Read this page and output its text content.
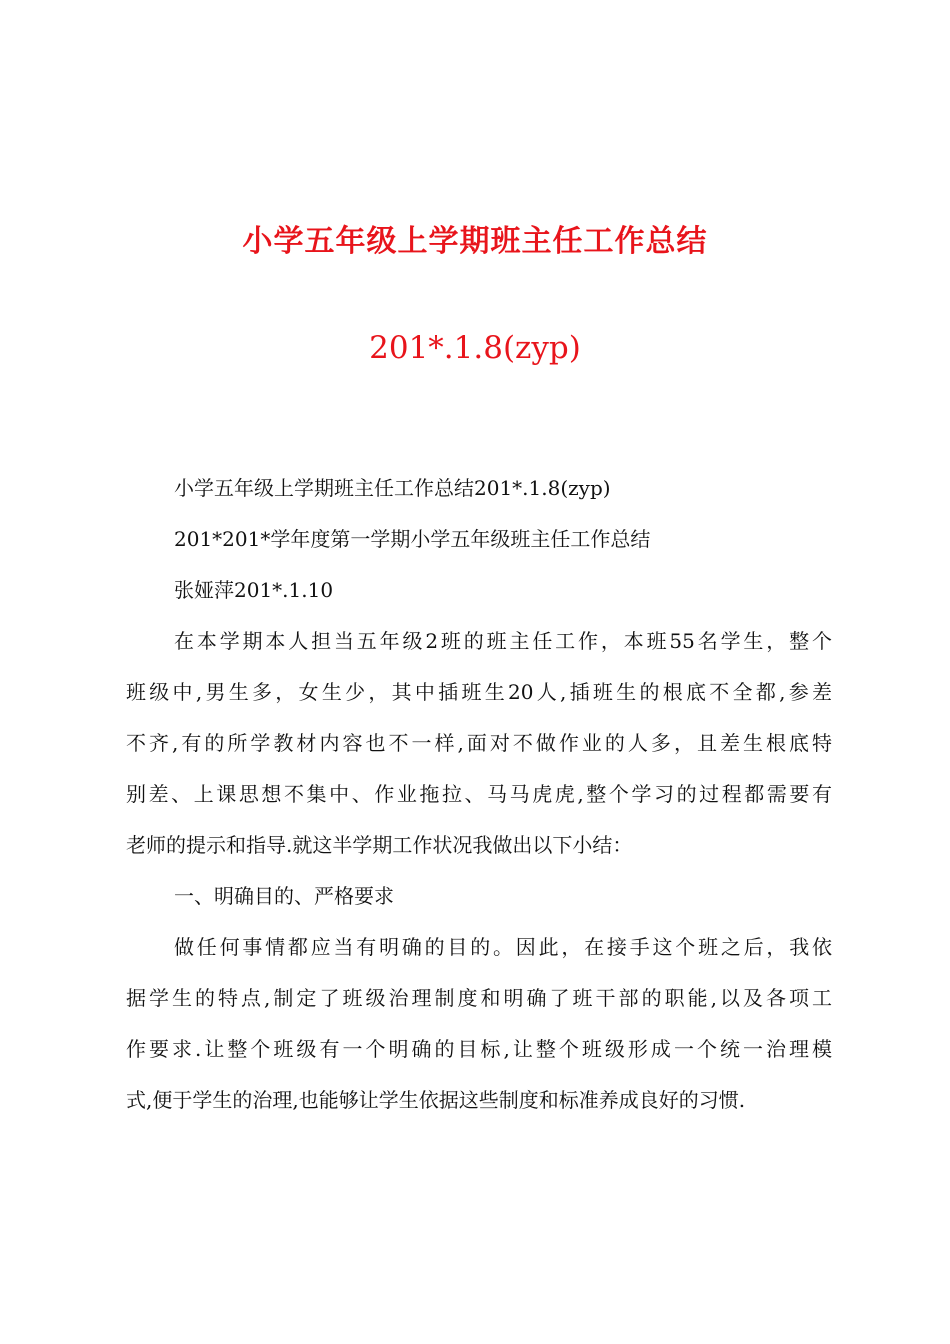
小学五年级上学期班主任工作总结
201*.1.8(zyp)
小学五年级上学期班主任工作总结201*.1.8(zyp)
201*201*学年度第一学期小学五年级班主任工作总结
张娅萍201*.1.10
在本学期本人担当五年级2班的班主任工作，本班55名学生，整个
班级中,男生多，女生少，其中插班生20人,插班生的根底不全都,参差
不齐,有的所学教材内容也不一样,面对不做作业的人多，且差生根底特
别差、上课思想不集中、作业拖拉、马马虎虎,整个学习的过程都需要有
老师的提示和指导.就这半学期工作状况我做出以下小结：
一、明确目的、严格要求
做任何事情都应当有明确的目的。因此，在接手这个班之后，我依
据学生的特点,制定了班级治理制度和明确了班干部的职能,以及各项工
作要求.让整个班级有一个明确的目标,让整个班级形成一个统一治理模
式,便于学生的治理,也能够让学生依据这些制度和标准养成良好的习惯.
